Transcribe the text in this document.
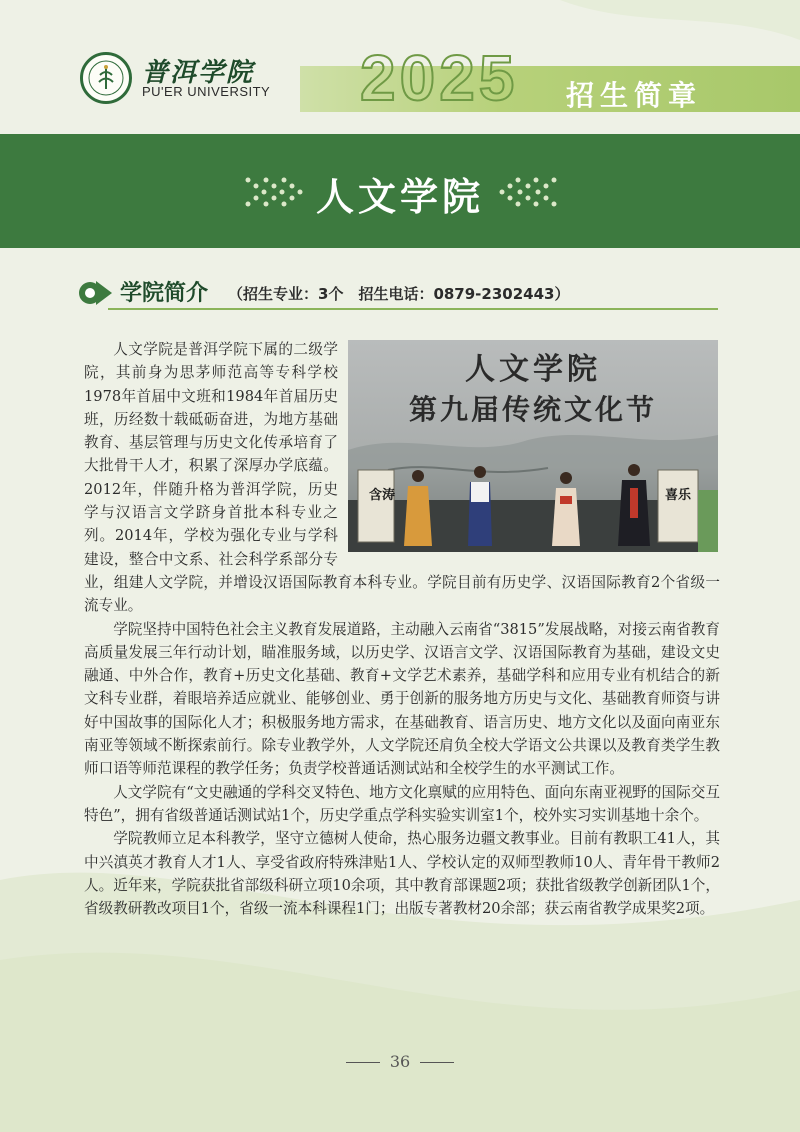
普洱学院
PU'ER UNIVERSITY 2025 招生简章
人文学院
学院简介 （招生专业：3个　招生电话：0879-2302443）
人文学院
第九届传统文化节
含涛	喜乐

人文学院是普洱学院下属的二级学院，其前身为思茅师范高等专科学校1978年首届中文班和1984年首届历史班，历经数十载砥砺奋进，为地方基础教育、基层管理与历史文化传承培育了大批骨干人才，积累了深厚办学底蕴。2012年，伴随升格为普洱学院，历史学与汉语言文学跻身首批本科专业之列。2014年，学校为强化专业与学科建设，整合中文系、社会科学系部分专业，组建人文学院，并增设汉语国际教育本科专业。学院目前有历史学、汉语国际教育2个省级一流专业。

学院坚持中国特色社会主义教育发展道路，主动融入云南省“3815”发展战略，对接云南省教育高质量发展三年行动计划，瞄准服务域，以历史学、汉语言文学、汉语国际教育为基础，建设文史融通、中外合作，教育+历史文化基础、教育+文学艺术素养，基础学科和应用专业有机结合的新文科专业群，着眼培养适应就业、能够创业、勇于创新的服务地方历史与文化、基础教育师资与讲好中国故事的国际化人才；积极服务地方需求，在基础教育、语言历史、地方文化以及面向南亚东南亚等领域不断探索前行。除专业教学外，人文学院还肩负全校大学语文公共课以及教育类学生教师口语等师范课程的教学任务；负责学校普通话测试站和全校学生的水平测试工作。

人文学院有“文史融通的学科交叉特色、地方文化禀赋的应用特色、面向东南亚视野的国际交互特色”，拥有省级普通话测试站1个，历史学重点学科实验实训室1个，校外实习实训基地十余个。

学院教师立足本科教学，坚守立德树人使命，热心服务边疆文教事业。目前有教职工41人，其中兴滇英才教育人才1人、享受省政府特殊津贴1人、学校认定的双师型教师10人、青年骨干教师2人。近年来，学院获批省部级科研立项10余项，其中教育部课题2项；获批省级教学创新团队1个，省级教研教改项目1个，省级一流本科课程1门；出版专著教材20余部；获云南省教学成果奖2项。

36
